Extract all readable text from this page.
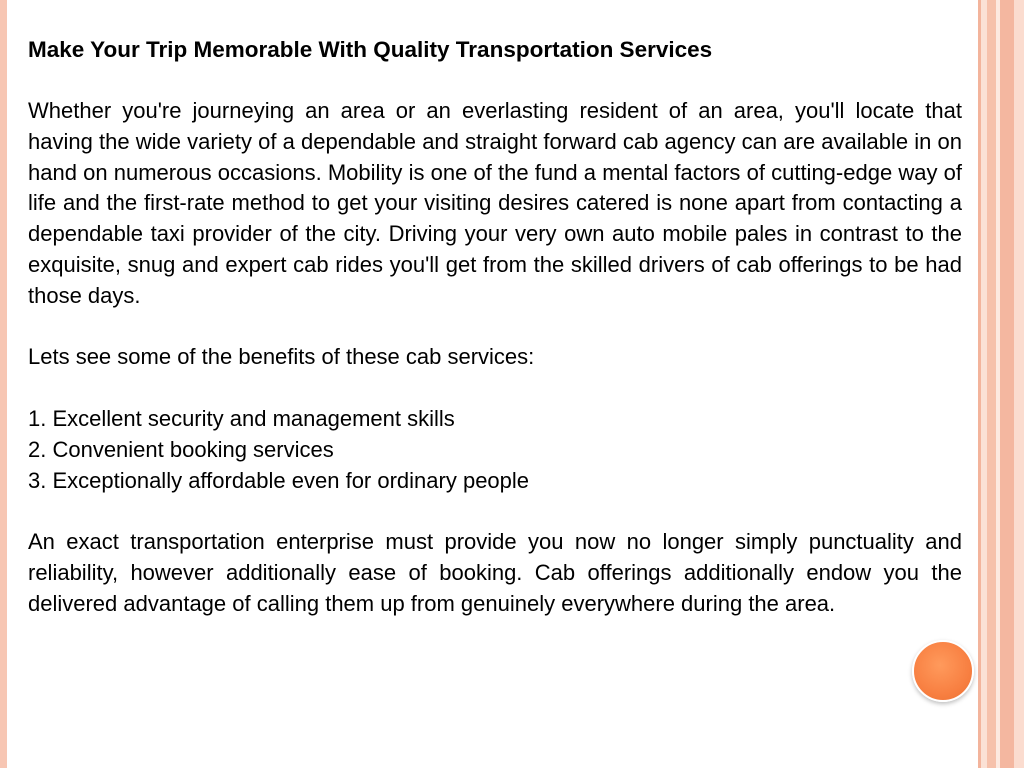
Make Your Trip Memorable With Quality Transportation Services

Whether you're journeying an area or an everlasting resident of an area, you'll locate that having the wide variety of a dependable and straight forward cab agency can are available in on hand on numerous occasions. Mobility is one of the fund a mental factors of cutting-edge way of life and the first-rate method to get your visiting desires catered is none apart from contacting a dependable taxi provider of the city. Driving your very own auto mobile pales in contrast to the exquisite, snug and expert cab rides you'll get from the skilled drivers of cab offerings to be had those days.

Lets see some of the benefits of these cab services:

1. Excellent security and management skills

2. Convenient booking services

3. Exceptionally affordable even for ordinary people

An exact transportation enterprise must provide you now no longer simply punctuality and reliability, however additionally ease of booking. Cab offerings additionally endow you the delivered advantage of calling them up from genuinely everywhere during the area.
